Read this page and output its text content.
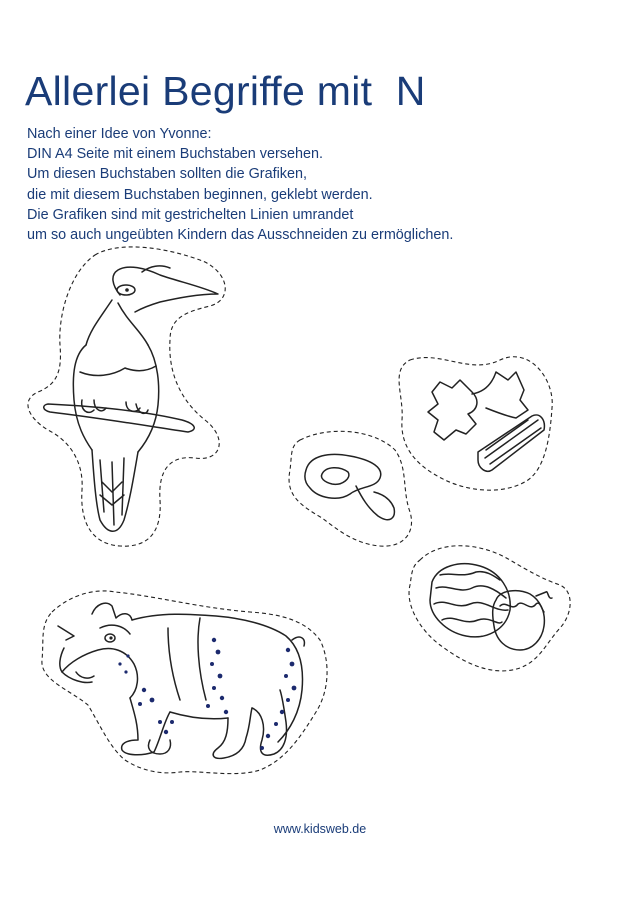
Allerlei Begriffe mit  N
Nach einer Idee von Yvonne:
DIN A4 Seite mit einem Buchstaben versehen.
Um diesen Buchstaben sollten die Grafiken,
die mit diesem Buchstaben beginnen, geklebt werden.
Die Grafiken sind mit gestrichelten Linien umrandet
um so auch ungeübten Kindern das Ausschneiden zu ermöglichen.
www.kidsweb.de
